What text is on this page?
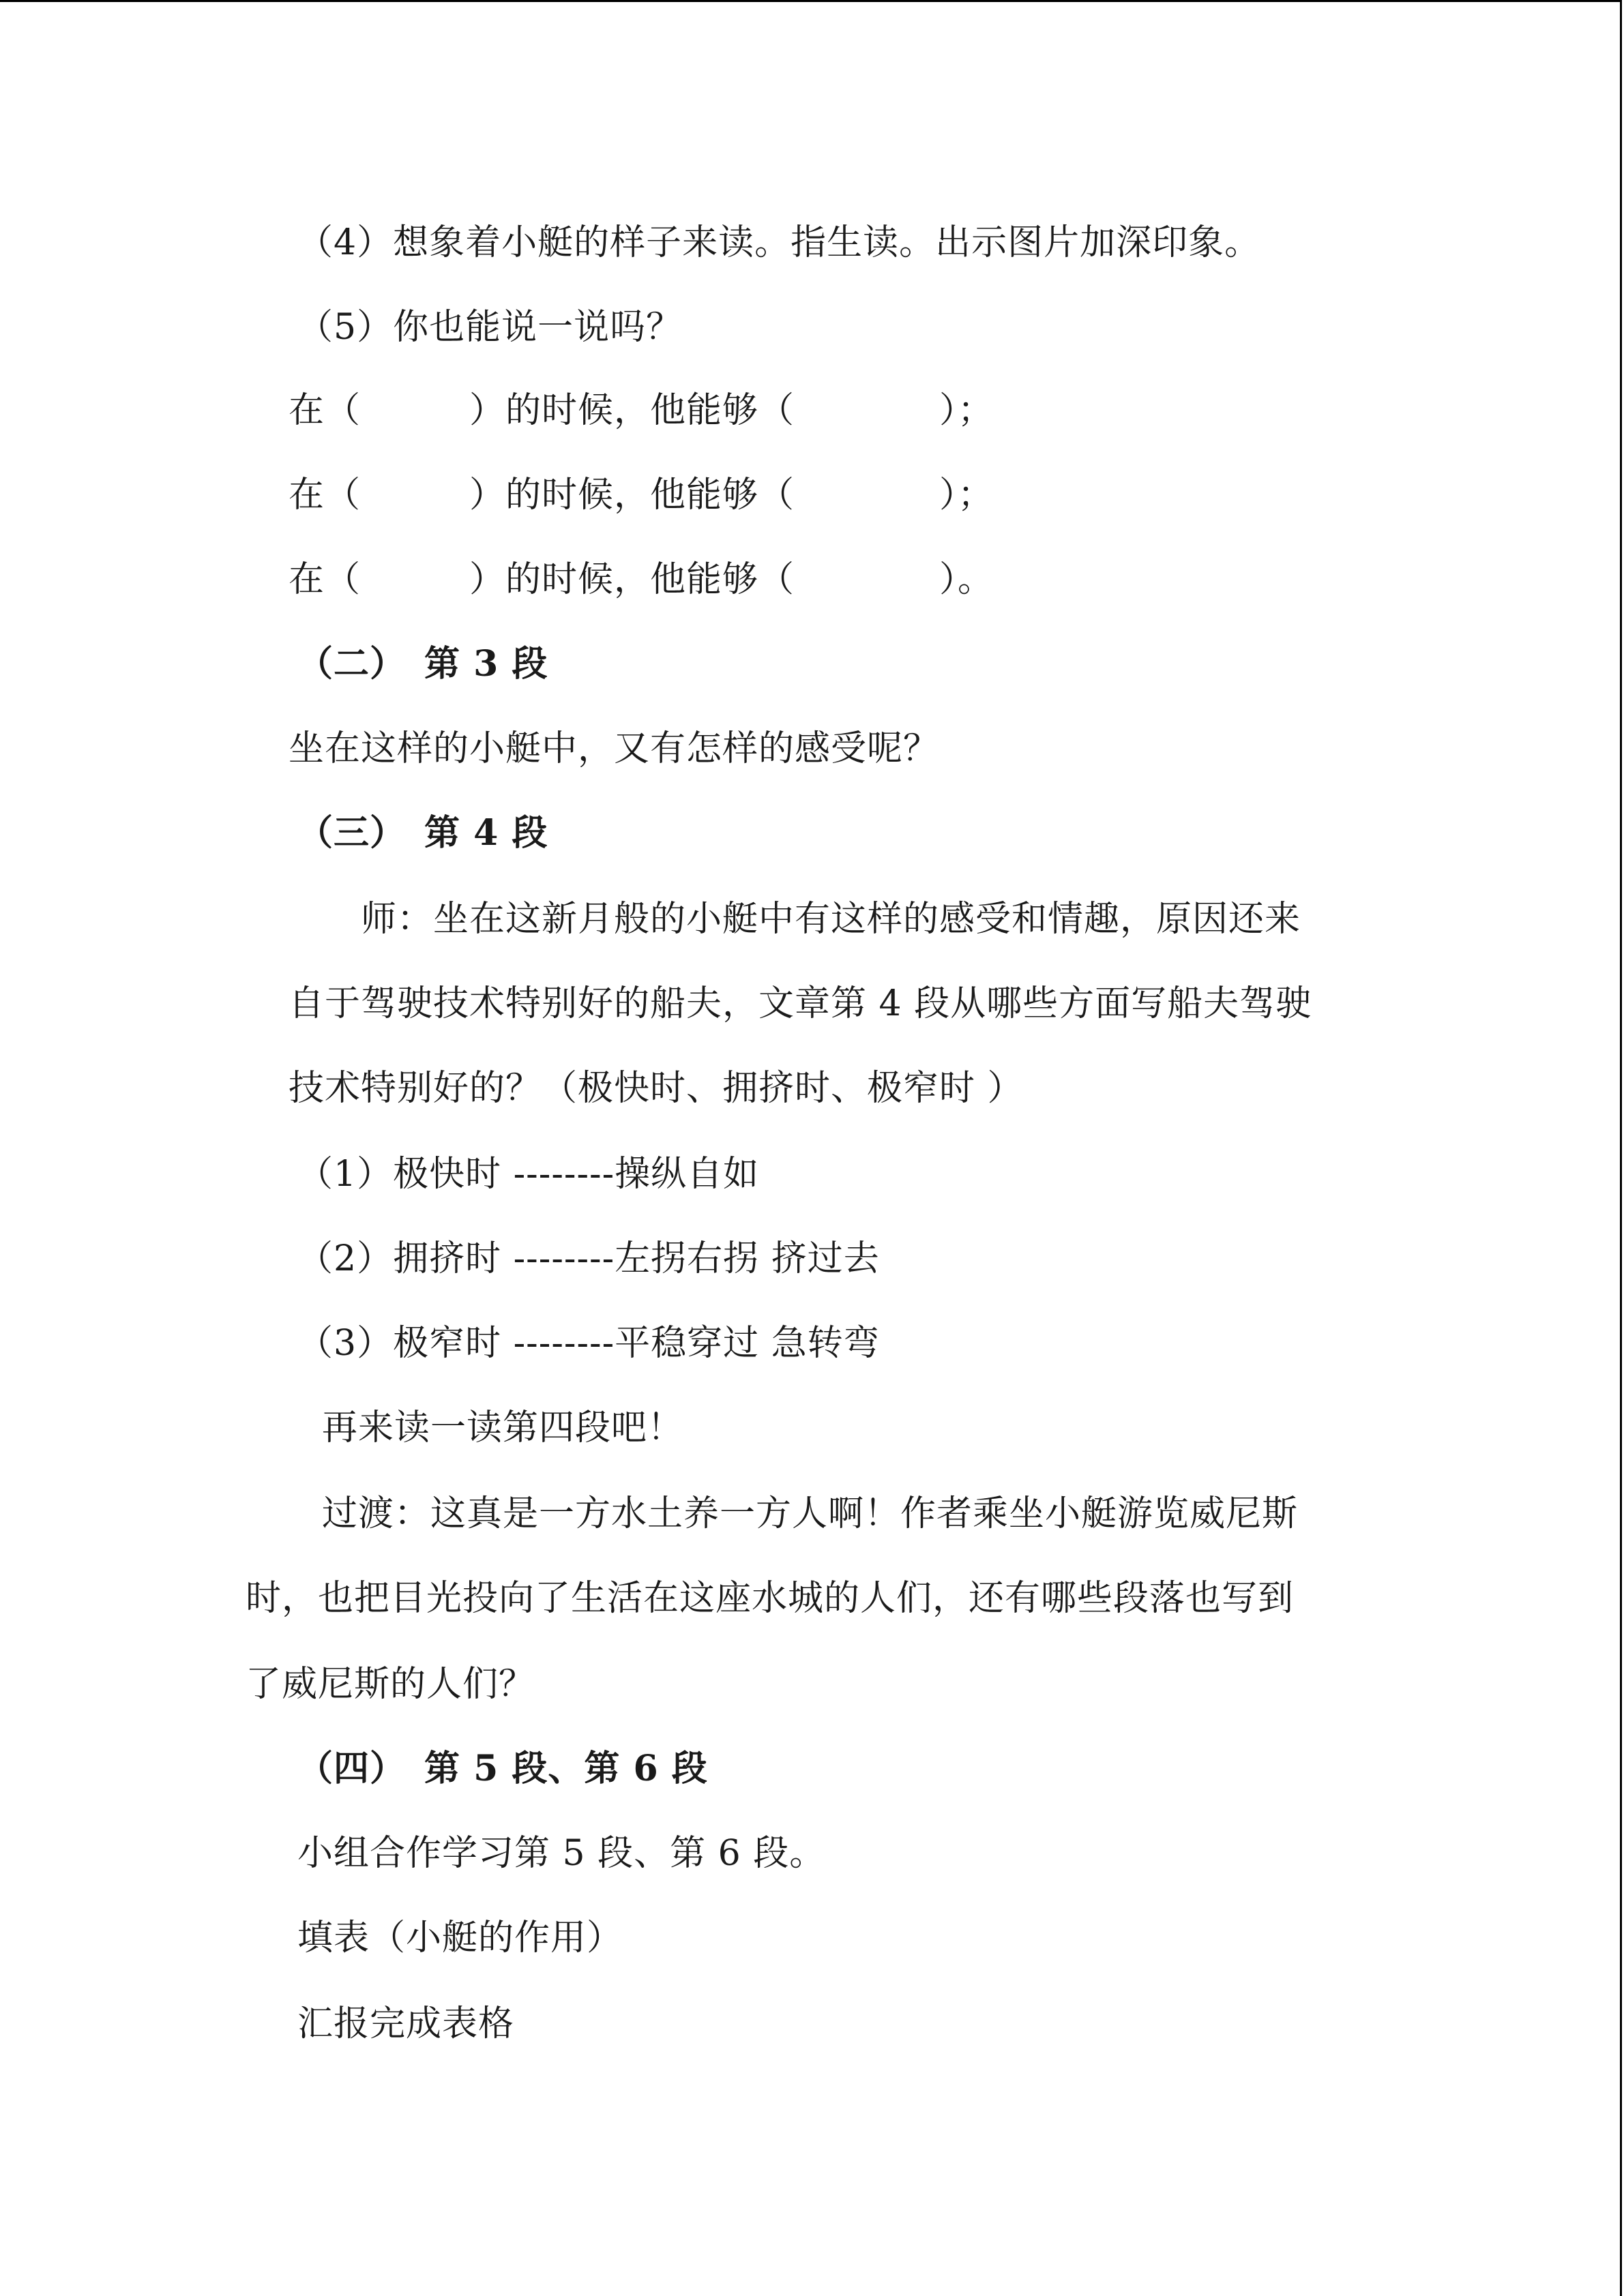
（4）想象着小艇的样子来读。指生读。出示图片加深印象。
（5）你也能说一说吗？
在（　　　）的时候，他能够（　　　　）；
在（　　　）的时候，他能够（　　　　）；
在（　　　）的时候，他能够（　　　　）。
（二）　第 3 段
坐在这样的小艇中，又有怎样的感受呢？
（三）　第 4 段
　　师：坐在这新月般的小艇中有这样的感受和情趣，原因还来
自于驾驶技术特别好的船夫，文章第 4 段从哪些方面写船夫驾驶
技术特别好的？（极快时、拥挤时、极窄时 ）
（1）极快时 --------操纵自如
（2）拥挤时 --------左拐右拐 挤过去
（3）极窄时 --------平稳穿过 急转弯
再来读一读第四段吧！
过渡：这真是一方水土养一方人啊！作者乘坐小艇游览威尼斯
时，也把目光投向了生活在这座水城的人们，还有哪些段落也写到
了威尼斯的人们？
（四）　第 5 段、第 6 段
小组合作学习第 5 段、第 6 段。
填表（小艇的作用）
汇报完成表格
